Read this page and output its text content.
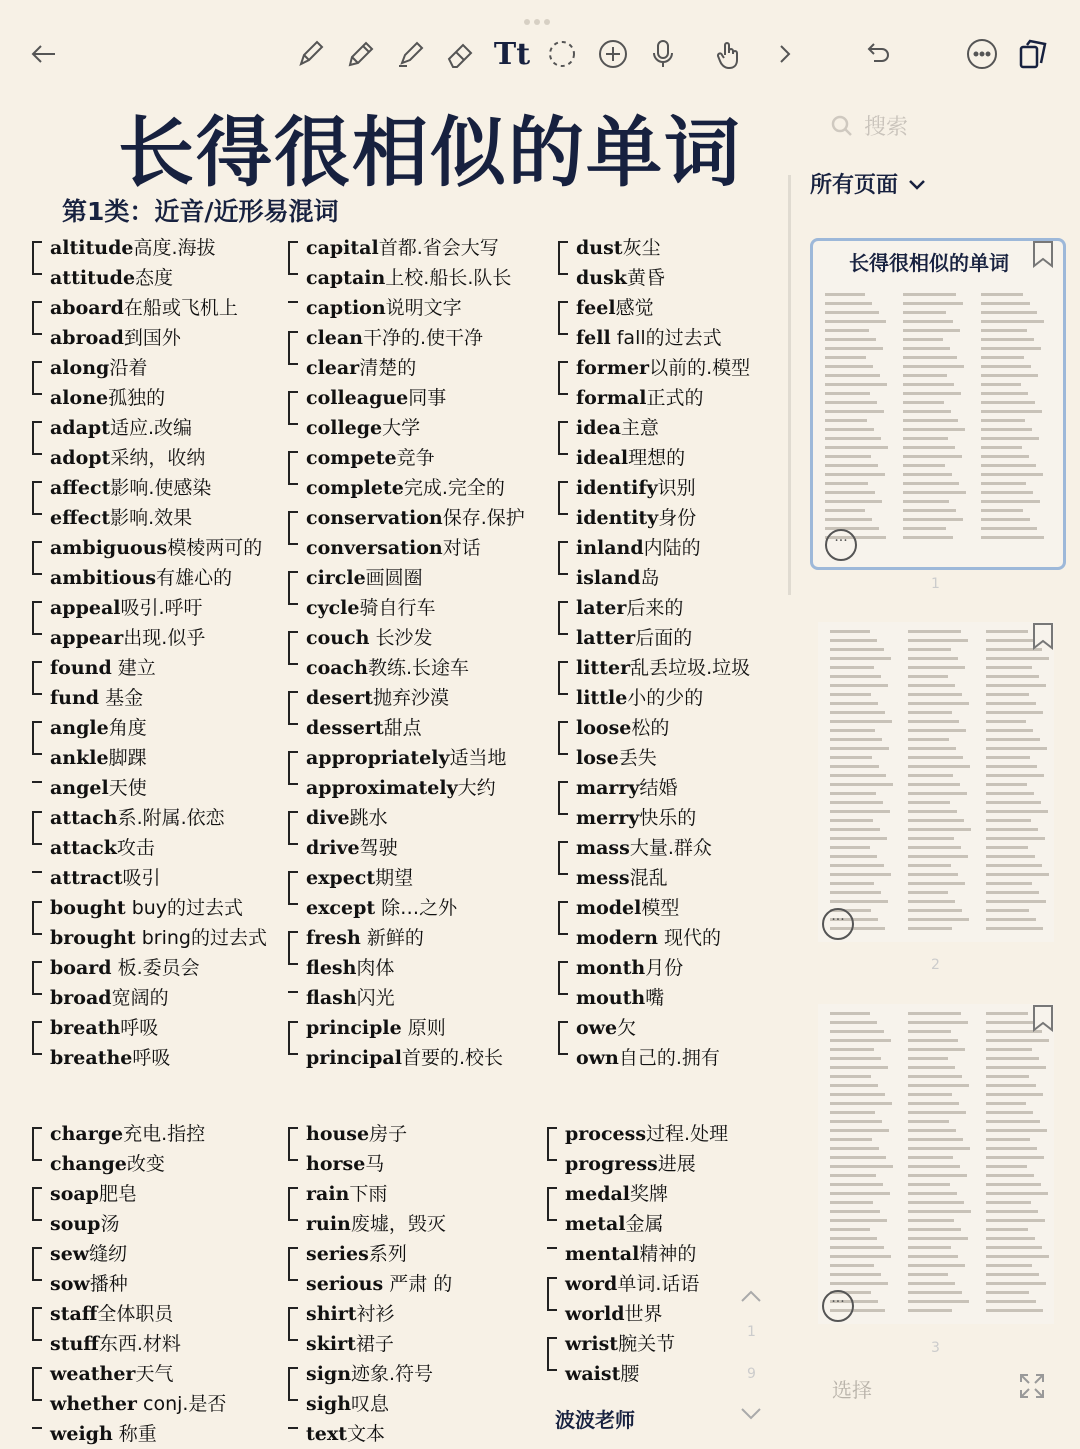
Tt
长得很相似的单词
第1类：近音/近形易混词
altitude高度.海拔
attitude态度
aboard在船或飞机上
abroad到国外
along沿着
alone孤独的
adapt适应.改编
adopt采纳，收纳
affect影响.使感染
effect影响.效果
ambiguous模棱两可的
ambitious有雄心的
appeal吸引.呼吁
appear出现.似乎
found 建立
fund 基金
angle角度
ankle脚踝
angel天使
attach系.附属.依恋
attack攻击
attract吸引
bought buy的过去式
brought bring的过去式
board 板.委员会
broad宽阔的
breath呼吸
breathe呼吸
capital首都.省会大写
captain上校.船长.队长
caption说明文字
clean干净的.使干净
clear清楚的
colleague同事
college大学
compete竞争
complete完成.完全的
conservation保存.保护
conversation对话
circle画圆圈
cycle骑自行车
couch 长沙发
coach教练.长途车
desert抛弃沙漠
dessert甜点
appropriately适当地
approximately大约
dive跳水
drive驾驶
expect期望
except 除…之外
fresh 新鲜的
flesh肉体
flash闪光
principle 原则
principal首要的.校长
dust灰尘
dusk黄昏
feel感觉
fell fall的过去式
former以前的.模型
formal正式的
idea主意
ideal理想的
identify识别
identity身份
inland内陆的
island岛
later后来的
latter后面的
litter乱丢垃圾.垃圾
little小的少的
loose松的
lose丢失
marry结婚
merry快乐的
mass大量.群众
mess混乱
model模型
modern 现代的
month月份
mouth嘴
owe欠
own自己的.拥有
charge充电.指控
change改变
soap肥皂
soup汤
sew缝纫
sow播种
staff全体职员
stuff东西.材料
weather天气
whether conj.是否
weigh 称重
house房子
horse马
rain下雨
ruin废墟，毁灭
series系列
serious 严肃 的
shirt衬衫
skirt裙子
sign迹象.符号
sigh叹息
text文本
process过程.处理
progress进展
medal奖牌
metal金属
mental精神的
word单词.话语
world世界
wrist腕关节
waist腰
波波老师
1
9
搜索
所有页面
长得很相似的单词
···
1
···
2
···
3
选择
